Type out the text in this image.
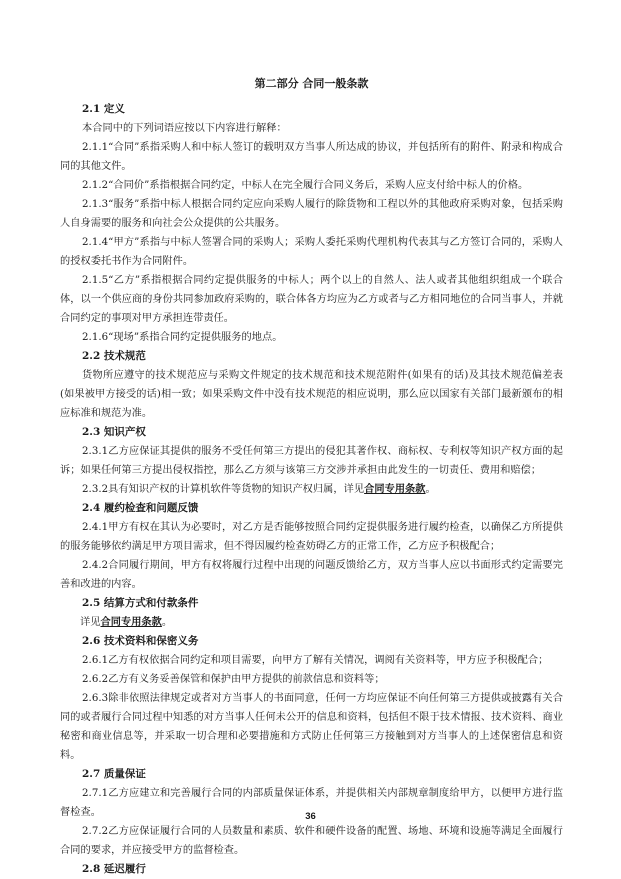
第二部分 合同一般条款
2.1 定义

本合同中的下列词语应按以下内容进行解释：

2.1.1“合同”系指采购人和中标人签订的载明双方当事人所达成的协议，并包括所有的附件、附录和构成合同的其他文件。

2.1.2“合同价”系指根据合同约定，中标人在完全履行合同义务后，采购人应支付给中标人的价格。

2.1.3“服务”系指中标人根据合同约定应向采购人履行的除货物和工程以外的其他政府采购对象，包括采购人自身需要的服务和向社会公众提供的公共服务。

2.1.4“甲方”系指与中标人签署合同的采购人；采购人委托采购代理机构代表其与乙方签订合同的，采购人的授权委托书作为合同附件。

2.1.5“乙方”系指根据合同约定提供服务的中标人；两个以上的自然人、法人或者其他组织组成一个联合体，以一个供应商的身份共同参加政府采购的，联合体各方均应为乙方或者与乙方相同地位的合同当事人，并就合同约定的事项对甲方承担连带责任。

2.1.6“现场”系指合同约定提供服务的地点。

2.2 技术规范

货物所应遵守的技术规范应与采购文件规定的技术规范和技术规范附件(如果有的话)及其技术规范偏差表(如果被甲方接受的话)相一致；如果采购文件中没有技术规范的相应说明，那么应以国家有关部门最新颁布的相应标准和规范为准。

2.3 知识产权

2.3.1乙方应保证其提供的服务不受任何第三方提出的侵犯其著作权、商标权、专利权等知识产权方面的起诉；如果任何第三方提出侵权指控，那么乙方须与该第三方交涉并承担由此发生的一切责任、费用和赔偿；

2.3.2具有知识产权的计算机软件等货物的知识产权归属，详见合同专用条款。

2.4 履约检查和问题反馈

2.4.1甲方有权在其认为必要时，对乙方是否能够按照合同约定提供服务进行履约检查，以确保乙方所提供的服务能够依约满足甲方项目需求，但不得因履约检查妨碍乙方的正常工作，乙方应予积极配合；

2.4.2合同履行期间，甲方有权将履行过程中出现的问题反馈给乙方，双方当事人应以书面形式约定需要完善和改进的内容。

2.5 结算方式和付款条件

详见合同专用条款。

2.6 技术资料和保密义务

2.6.1乙方有权依据合同约定和项目需要，向甲方了解有关情况，调阅有关资料等，甲方应予积极配合；

2.6.2乙方有义务妥善保管和保护由甲方提供的前款信息和资料等；

2.6.3除非依照法律规定或者对方当事人的书面同意，任何一方均应保证不向任何第三方提供或披露有关合同的或者履行合同过程中知悉的对方当事人任何未公开的信息和资料，包括但不限于技术情报、技术资料、商业秘密和商业信息等，并采取一切合理和必要措施和方式防止任何第三方接触到对方当事人的上述保密信息和资料。

2.7 质量保证

2.7.1乙方应建立和完善履行合同的内部质量保证体系，并提供相关内部规章制度给甲方，以便甲方进行监督检查。

2.7.2乙方应保证履行合同的人员数量和素质、软件和硬件设备的配置、场地、环境和设施等满足全面履行合同的要求，并应接受甲方的监督检查。

2.8 延迟履行
36
